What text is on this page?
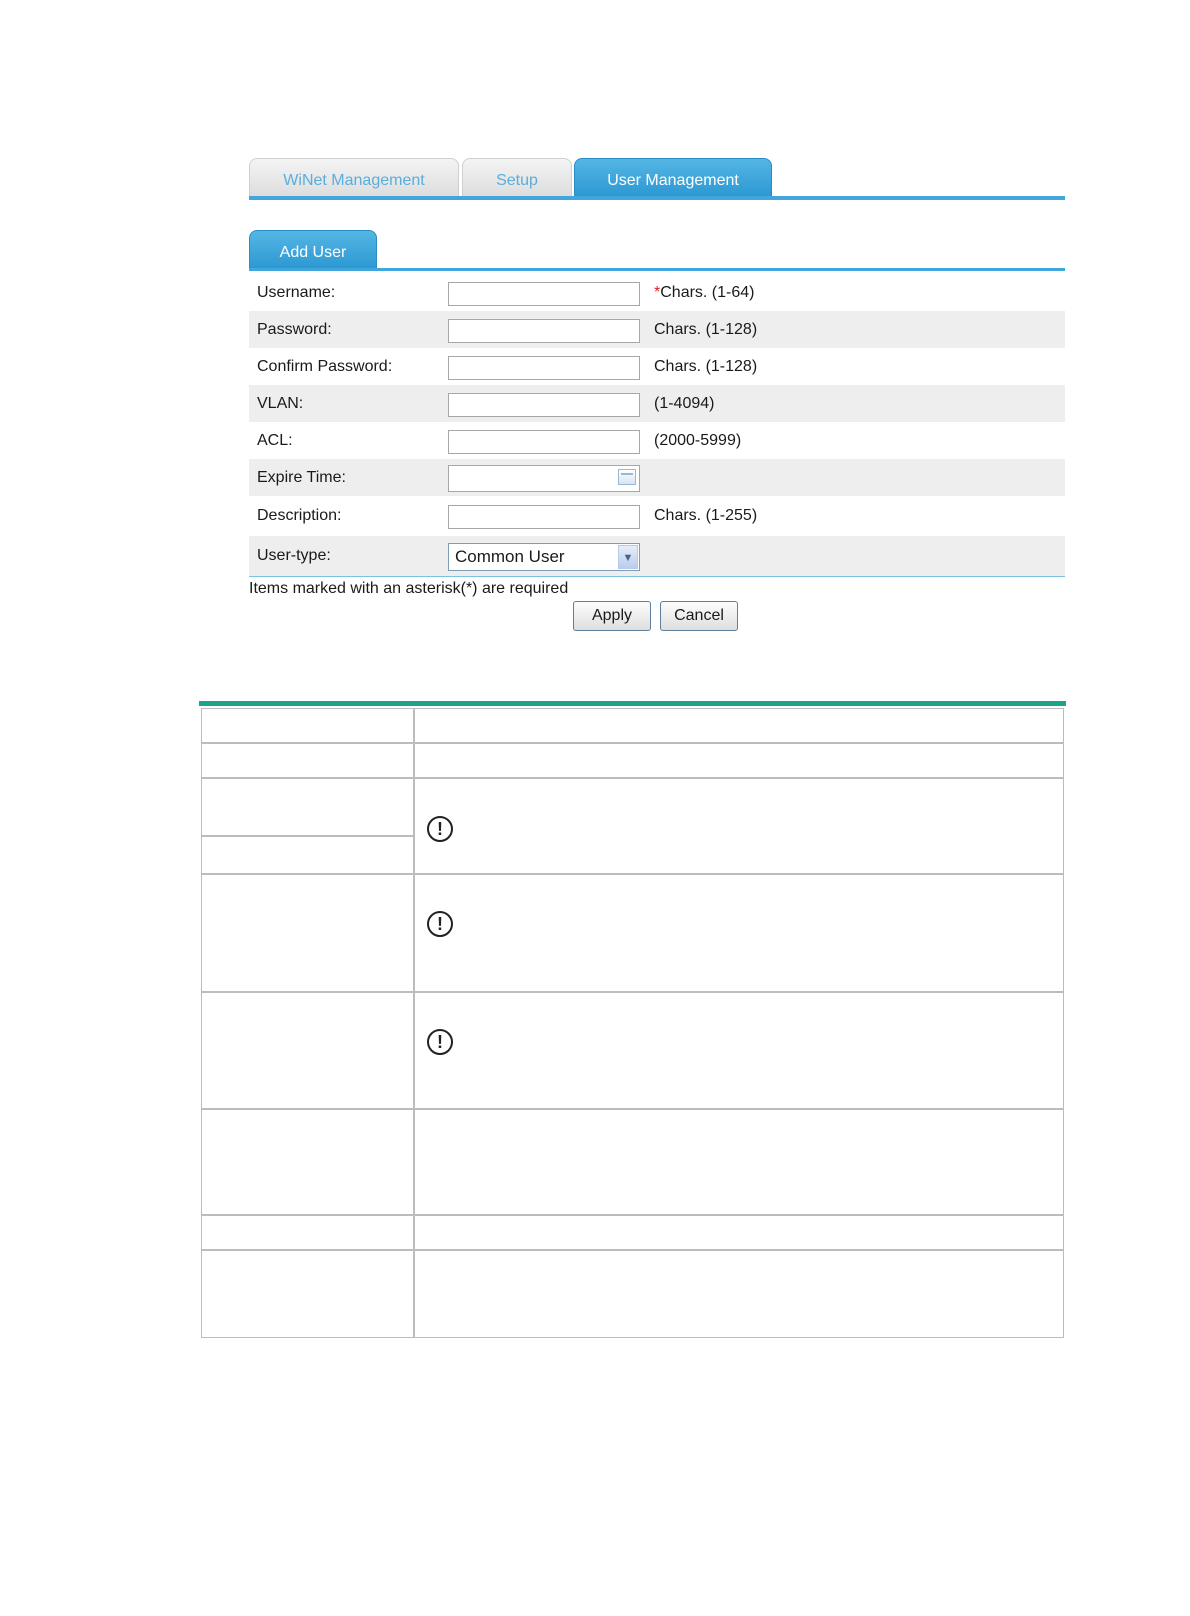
WiNet Management	Setup	User Management
Add User
Username:	*Chars. (1-64)
Password:	Chars. (1-128)
Confirm Password:	Chars. (1-128)
VLAN:	(1-4094)
ACL:	(2000-5999)
Expire Time:
Description:	Chars. (1-255)
User-type:	Common User	▼
Items marked with an asterisk(*) are required
Apply	Cancel
!
!
!
